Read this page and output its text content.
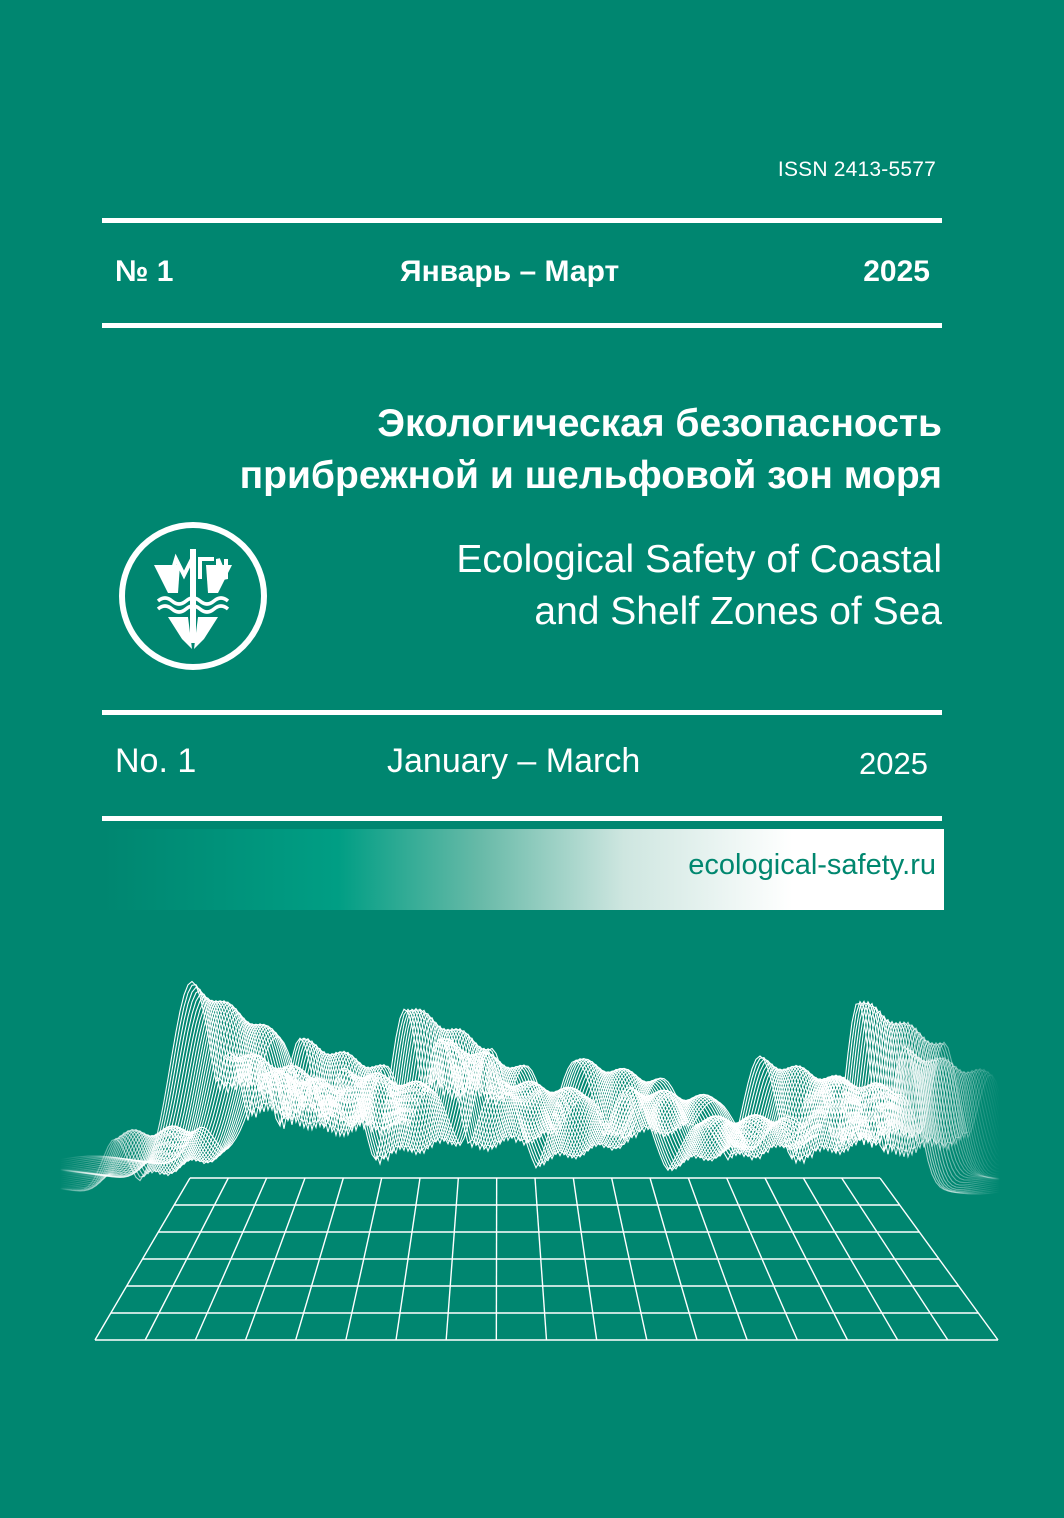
ISSN 2413-5577
№ 1	Январь – Март	2025
Экологическая безопасность
прибрежной и шельфовой зон моря
Ecological Safety of Coastal
and Shelf Zones of Sea
No. 1	January – March	2025
ecological-safety.ru
